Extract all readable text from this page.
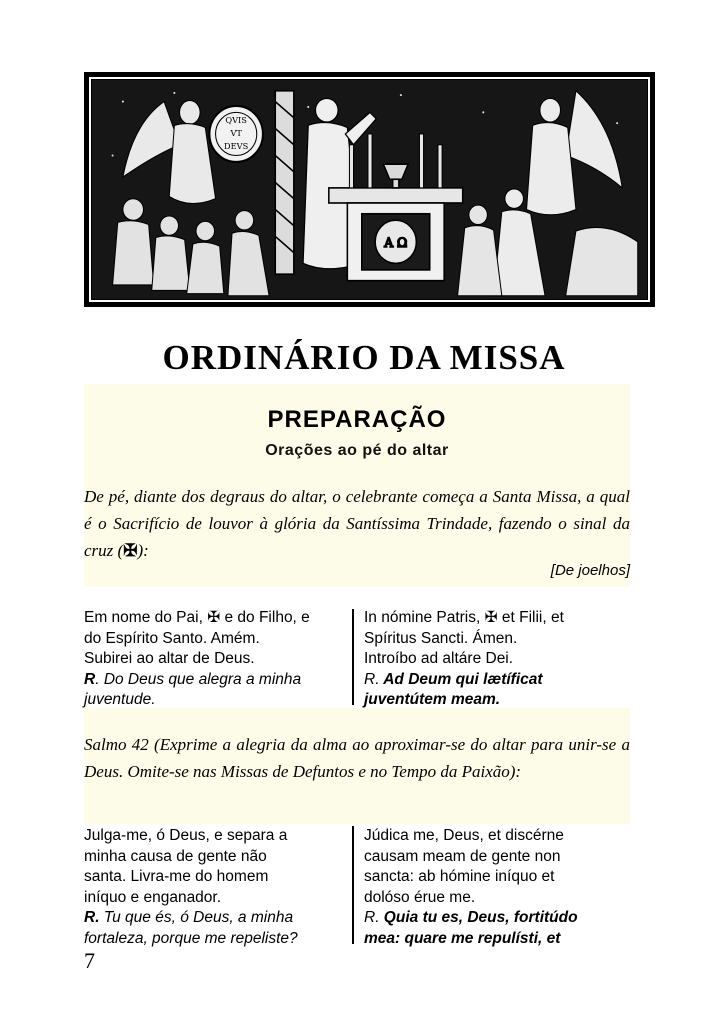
QVIS
VT
DEVS
A Ω
ORDINÁRIO DA MISSA
PREPARAÇÃO
Orações ao pé do altar
De pé, diante dos degraus do altar, o celebrante começa a Santa Missa, a qual é o Sacrifício de louvor à glória da Santíssima Trindade, fazendo o sinal da cruz (✠):
[De joelhos]
Em nome do Pai, ✠ e do Filho, e
do Espírito Santo. Amém.
Subirei ao altar de Deus.
R. Do Deus que alegra a minha
juventude.
In nómine Patris, ✠ et Filii, et
Spíritus Sancti. Ámen.
Introíbo ad altáre Dei.
R. Ad Deum qui lætíficat
juventútem meam.
Salmo 42 (Exprime a alegria da alma ao aproximar-se do altar para unir-se a Deus. Omite-se nas Missas de Defuntos e no Tempo da Paixão):
Julga-me, ó Deus, e separa a
minha causa de gente não
santa. Livra-me do homem
iníquo e enganador.
R. Tu que és, ó Deus, a minha
fortaleza, porque me repeliste?
Júdica me, Deus, et discérne
causam meam de gente non
sancta: ab hómine iníquo et
dolóso érue me.
R. Quia tu es, Deus, fortitúdo
mea: quare me repulísti, et
7
